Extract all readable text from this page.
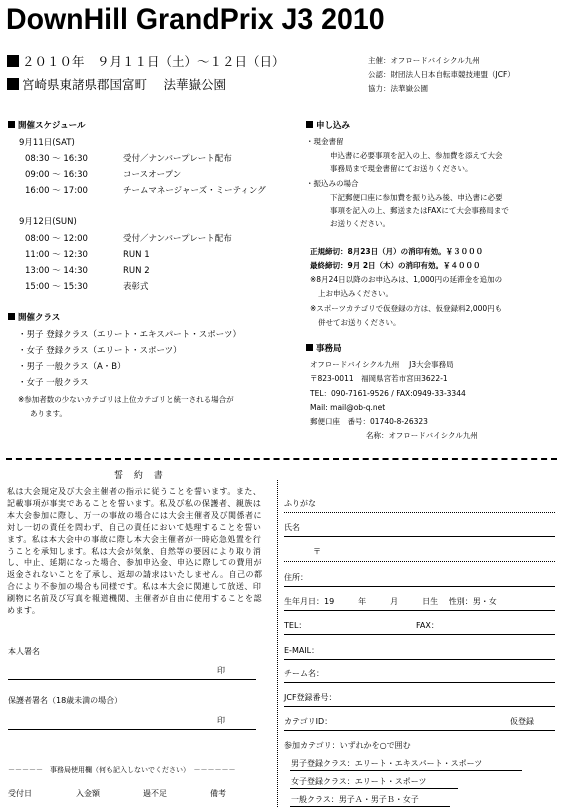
DownHill GrandPrix J3 2010
２０１０年　９月１１日（土）～１２日（日）
宮崎県東諸県郡国富町　 法華嶽公園
主催：オフロードバイシクル九州
公認：財団法人日本自転車競技連盟（JCF）
協力：法華嶽公園
開催スケジュール
9月11日(SAT)
08:30 ～ 16:30	受付／ナンバープレート配布
09:00 ～ 16:30	コースオープン
16:00 ～ 17:00	チームマネージャーズ・ミーティング
9月12日(SUN)
08:00 ～ 12:00	受付／ナンバープレート配布
11:00 ～ 12:30	RUN 1
13:00 ～ 14:30	RUN 2
15:00 ～ 15:30	表彰式
開催クラス
・男子 登録クラス（エリート・エキスパート・スポーツ）
・女子 登録クラス（エリート・スポーツ）
・男子 一般クラス（A・B）
・女子 一般クラス
※参加者数の少ないカテゴリは上位カテゴリと統一される場合が
あります。
申し込み
・現金書留
申込書に必要事項を記入の上、参加費を添えて大会
事務局まで現金書留にてお送りください。
・振込みの場合
下記郵便口座に参加費を振り込み後、申込書に必要
事項を記入の上、郵送またはFAXにて大会事務局まで
お送りください。
正規締切：8月23日（月）の消印有効。￥３０００
最終締切：9月 2日（木）の消印有効。￥４０００
※8月24日以降のお申込みは、1,000円の延滞金を追加の
上お申込みください。
※スポーツカテゴリで仮登録の方は、仮登録料2,000円も
併せてお送りください。
事務局
オフロードバイシクル九州　 J3大会事務局
〒823-0011　福岡県宮若市宮田3622-1
TEL：090-7161-9526 / FAX:0949-33-3344
Mail: mail@ob-q.net
郵便口座　番号：01740-8-26323
名称：オフロードバイシクル九州
誓 約 書
私は大会規定及び大会主催者の指示に従うことを誓います。また、記載事項が事実であることを誓います。私及び私の保護者、親族は本大会参加に際し、万一の事故の場合には大会主催者及び関係者に対し一切の責任を問わず、自己の責任において処理することを誓います。私は本大会中の事故に際し本大会主催者が一時応急処置を行うことを承知します。私は大会が気象、自然等の要因により取り消し、中止、延期になった場合、参加申込金、申込に際しての費用が返金されないことを了承し、返却の請求はいたしません。自己の都合により不参加の場合も同様です。私は本大会に関連して放送、印刷物に名前及び写真を報道機関、主催者が自由に使用することを認めます。
本人署名
印
保護者署名（18歳未満の場合）
印
－－－－－　事務局使用欄（何も記入しないでください）　－－－－－－
受付日	入金額	過不足	備考
ふりがな
氏名
〒
住所：
生年月日：19　　　年　　　月　　　日生　 性別：男・女
TEL：	FAX：
E-MAIL：
チーム名：
JCF登録番号：
カテゴリID：	仮登録
参加カテゴリ：いずれかを○で囲む
男子登録クラス：エリート・エキスパート・スポーツ
女子登録クラス：エリート・スポーツ
一般クラス：男子Ａ・男子Ｂ・女子
